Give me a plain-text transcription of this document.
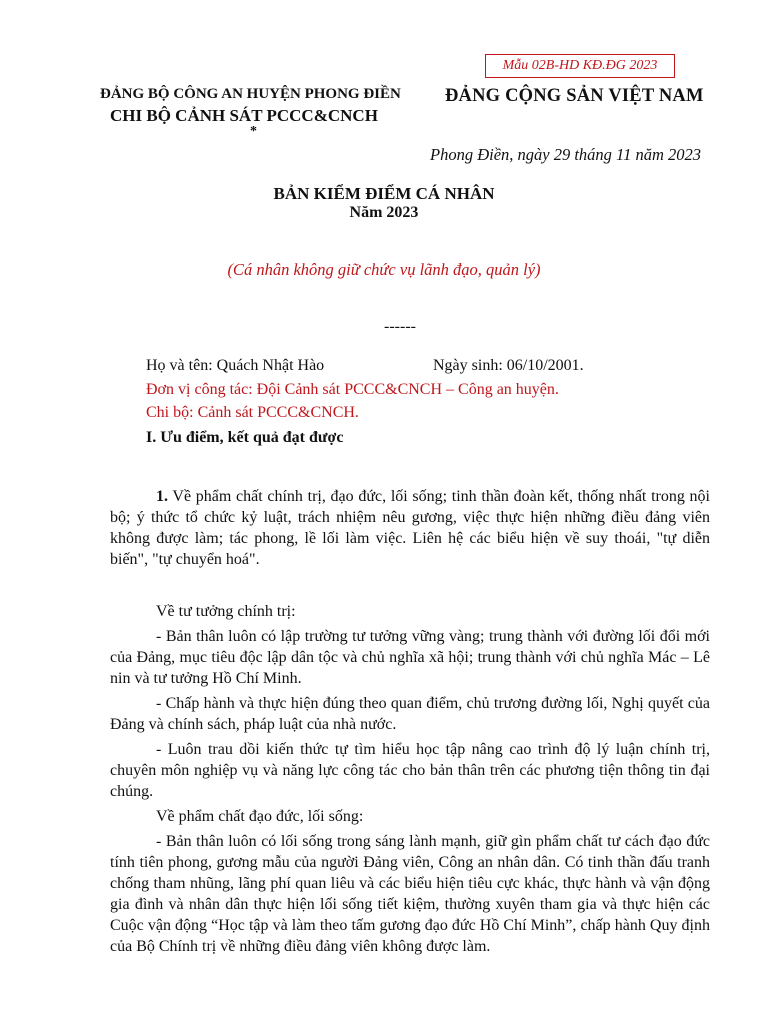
Mẫu 02B-HD KĐ.ĐG 2023
ĐẢNG BỘ CÔNG AN HUYỆN PHONG ĐIỀN
CHI BỘ CẢNH SÁT PCCC&CNCH
*
ĐẢNG CỘNG SẢN VIỆT NAM
Phong Điền, ngày 29 tháng 11 năm 2023
BẢN KIỂM ĐIỂM CÁ NHÂN
Năm 2023
(Cá nhân không giữ chức vụ lãnh đạo, quản lý)
------
Họ và tên: Quách Nhật Hào	Ngày sinh: 06/10/2001.
Đơn vị công tác: Đội Cảnh sát PCCC&CNCH – Công an huyện.
Chi bộ: Cảnh sát PCCC&CNCH.
I. Ưu điểm, kết quả đạt được

1. Về phẩm chất chính trị, đạo đức, lối sống; tinh thần đoàn kết, thống nhất trong nội bộ; ý thức tổ chức kỷ luật, trách nhiệm nêu gương, việc thực hiện những điều đảng viên không được làm; tác phong, lề lối làm việc. Liên hệ các biểu hiện về suy thoái, "tự diễn biến", "tự chuyển hoá".

Về tư tưởng chính trị:

- Bản thân luôn có lập trường tư tưởng vững vàng; trung thành với đường lối đổi mới của Đảng, mục tiêu độc lập dân tộc và chủ nghĩa xã hội; trung thành với chủ nghĩa Mác – Lê nin và tư tưởng Hồ Chí Minh.

- Chấp hành và thực hiện đúng theo quan điểm, chủ trương đường lối, Nghị quyết của Đảng và chính sách, pháp luật của nhà nước.

- Luôn trau dồi kiến thức tự tìm hiểu học tập nâng cao trình độ lý luận chính trị, chuyên môn nghiệp vụ và năng lực công tác cho bản thân trên các phương tiện thông tin đại chúng.

Về phẩm chất đạo đức, lối sống:

- Bản thân luôn có lối sống trong sáng lành mạnh, giữ gìn phẩm chất tư cách đạo đức tính tiên phong, gương mẫu của người Đảng viên, Công an nhân dân. Có tinh thần đấu tranh chống tham nhũng, lãng phí quan liêu và các biểu hiện tiêu cực khác, thực hành và vận động gia đình và nhân dân thực hiện lối sống tiết kiệm, thường xuyên tham gia và thực hiện các Cuộc vận động “Học tập và làm theo tấm gương đạo đức Hồ Chí Minh”, chấp hành Quy định của Bộ Chính trị về những điều đảng viên không được làm.
